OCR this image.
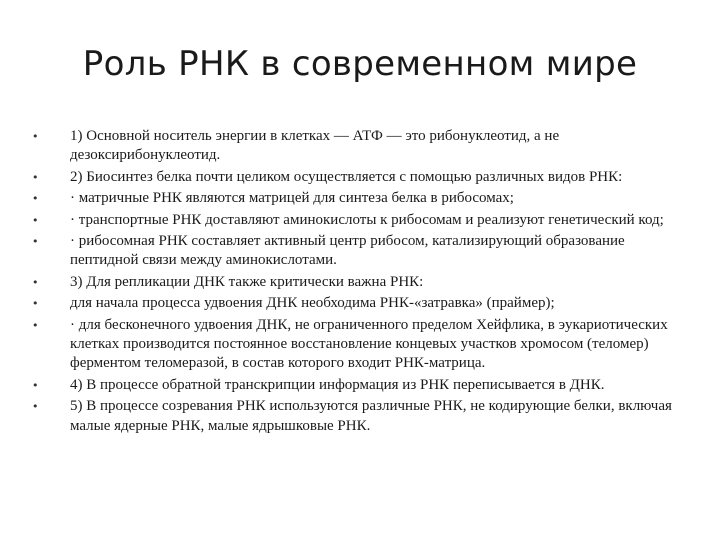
Роль РНК в современном мире
•	1) Основной носитель энергии в клетках — АТФ — это рибонуклеотид, а не дезоксирибонуклеотид.
•	2) Биосинтез белка почти целиком осуществляется с помощью различных видов РНК:
•	· матричные РНК являются матрицей для синтеза белка в рибосомах;
•	· транспортные РНК доставляют аминокислоты к рибосомам и реализуют генетический код;
•	· рибосомная РНК составляет активный центр рибосом, катализирующий образование пептидной связи между аминокислотами.
•	3) Для репликации ДНК также критически важна РНК:
•	для начала процесса удвоения ДНК необходима РНК-«затравка» (праймер);
•	· для бесконечного удвоения ДНК, не ограниченного пределом Хейфлика, в эукариотических клетках производится постоянное восстановление концевых участков хромосом (теломер) ферментом теломеразой, в состав которого входит РНК-матрица.
•	4) В процессе обратной транскрипции информация из РНК переписывается в ДНК.
•	5) В процессе созревания РНК используются различные РНК, не кодирующие белки, включая малые ядерные РНК, малые ядрышковые РНК.
